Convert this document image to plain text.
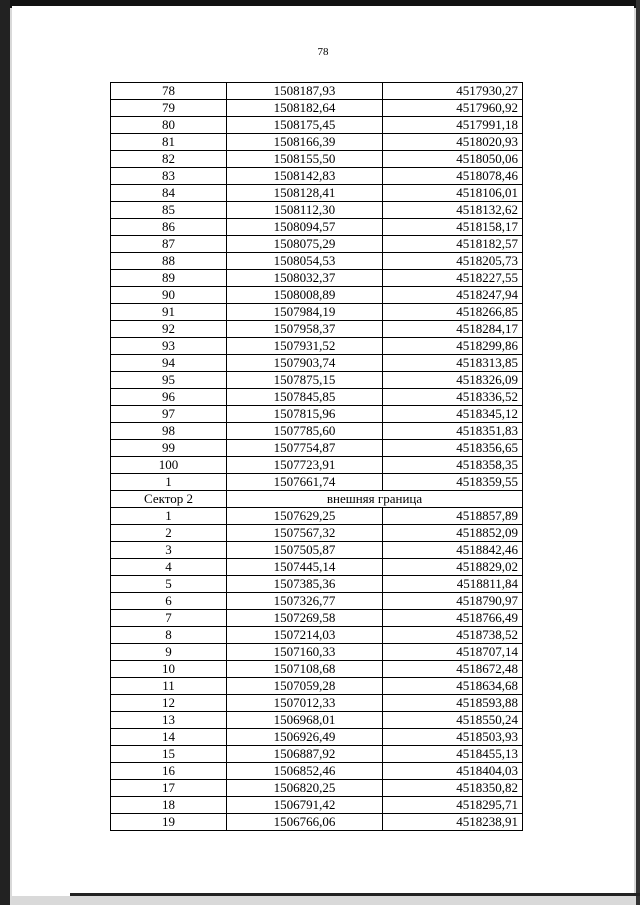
78
78	1508187,93	4517930,27
79	1508182,64	4517960,92
80	1508175,45	4517991,18
81	1508166,39	4518020,93
82	1508155,50	4518050,06
83	1508142,83	4518078,46
84	1508128,41	4518106,01
85	1508112,30	4518132,62
86	1508094,57	4518158,17
87	1508075,29	4518182,57
88	1508054,53	4518205,73
89	1508032,37	4518227,55
90	1508008,89	4518247,94
91	1507984,19	4518266,85
92	1507958,37	4518284,17
93	1507931,52	4518299,86
94	1507903,74	4518313,85
95	1507875,15	4518326,09
96	1507845,85	4518336,52
97	1507815,96	4518345,12
98	1507785,60	4518351,83
99	1507754,87	4518356,65
100	1507723,91	4518358,35
1	1507661,74	4518359,55
Сектор 2	внешняя граница	
1	1507629,25	4518857,89
2	1507567,32	4518852,09
3	1507505,87	4518842,46
4	1507445,14	4518829,02
5	1507385,36	4518811,84
6	1507326,77	4518790,97
7	1507269,58	4518766,49
8	1507214,03	4518738,52
9	1507160,33	4518707,14
10	1507108,68	4518672,48
11	1507059,28	4518634,68
12	1507012,33	4518593,88
13	1506968,01	4518550,24
14	1506926,49	4518503,93
15	1506887,92	4518455,13
16	1506852,46	4518404,03
17	1506820,25	4518350,82
18	1506791,42	4518295,71
19	1506766,06	4518238,91
